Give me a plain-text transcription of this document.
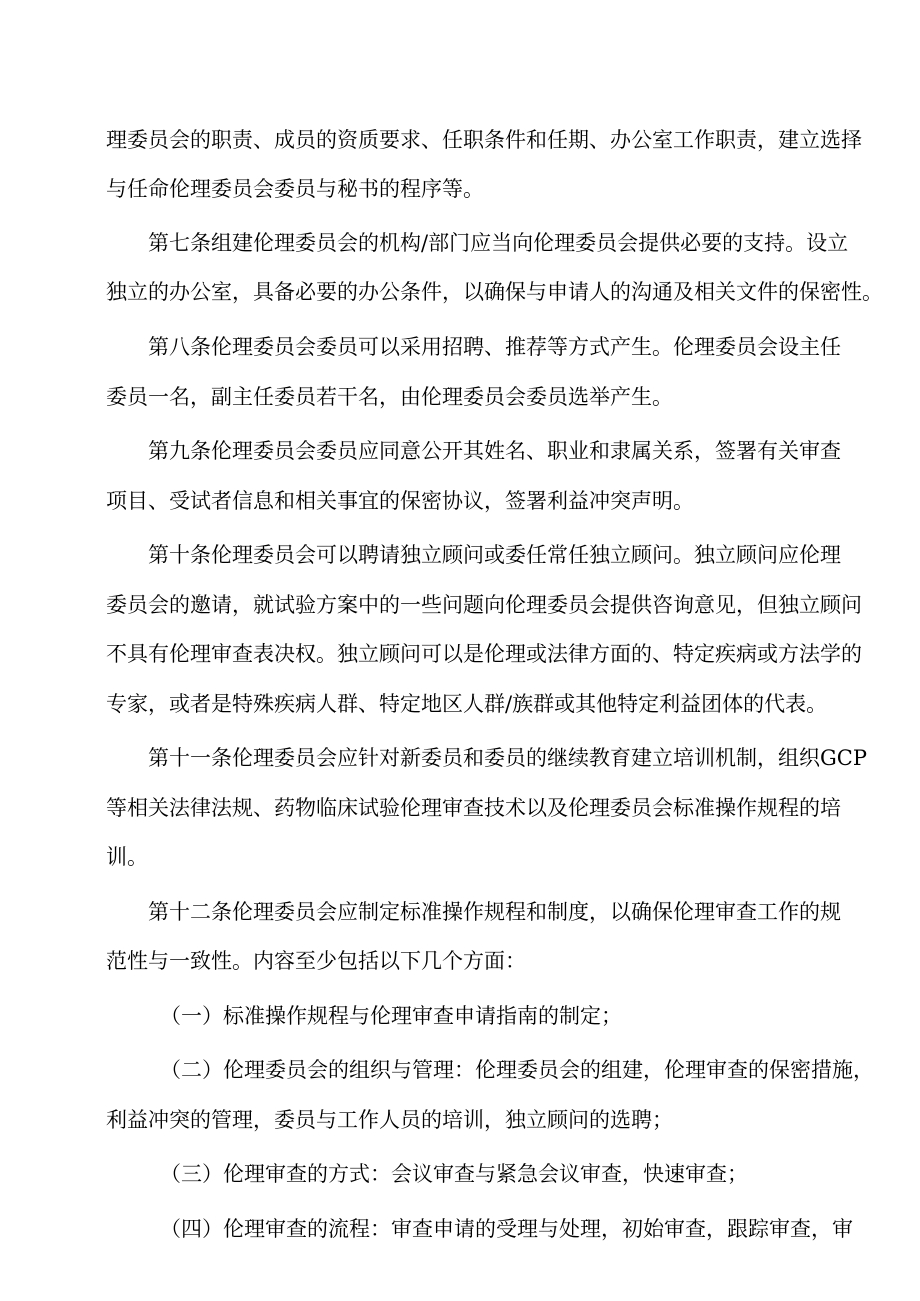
理委员会的职责、成员的资质要求、任职条件和任期、办公室工作职责，建立选择
与任命伦理委员会委员与秘书的程序等。
第七条组建伦理委员会的机构/部门应当向伦理委员会提供必要的支持。设立
独立的办公室，具备必要的办公条件，以确保与申请人的沟通及相关文件的保密性。
第八条伦理委员会委员可以采用招聘、推荐等方式产生。伦理委员会设主任
委员一名，副主任委员若干名，由伦理委员会委员选举产生。
第九条伦理委员会委员应同意公开其姓名、职业和隶属关系，签署有关审查
项目、受试者信息和相关事宜的保密协议，签署利益冲突声明。
第十条伦理委员会可以聘请独立顾问或委任常任独立顾问。独立顾问应伦理
委员会的邀请，就试验方案中的一些问题向伦理委员会提供咨询意见，但独立顾问
不具有伦理审查表决权。独立顾问可以是伦理或法律方面的、特定疾病或方法学的
专家，或者是特殊疾病人群、特定地区人群/族群或其他特定利益团体的代表。
第十一条伦理委员会应针对新委员和委员的继续教育建立培训机制，组织GCP
等相关法律法规、药物临床试验伦理审查技术以及伦理委员会标准操作规程的培
训。
第十二条伦理委员会应制定标准操作规程和制度，以确保伦理审查工作的规
范性与一致性。内容至少包括以下几个方面：
（一）标准操作规程与伦理审查申请指南的制定；
（二）伦理委员会的组织与管理：伦理委员会的组建，伦理审查的保密措施，
利益冲突的管理，委员与工作人员的培训，独立顾问的选聘；
（三）伦理审查的方式：会议审查与紧急会议审查，快速审查；
（四）伦理审查的流程：审查申请的受理与处理，初始审查，跟踪审查，审
